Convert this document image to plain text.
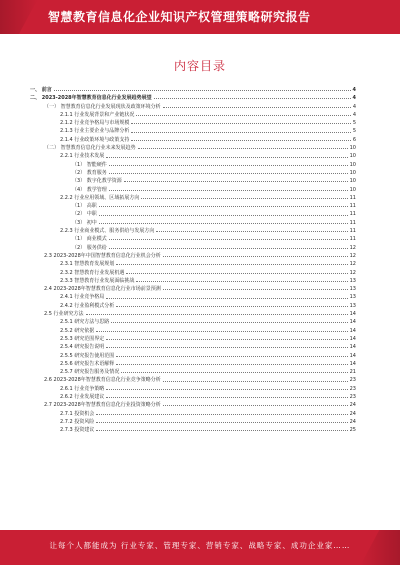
智慧教育信息化企业知识产权管理策略研究报告
内容目录
一、 前言	4
二、 2023-2028年智慧教育信息化行业发展趋势展望	4
（一） 智慧教育信息化行业发展现状及政策环境分析	4
2.1.1 行业发展背景和产业链状况	4
2.1.2 行业竞争格局与市场规模	5
2.1.3 行业主要企业与品牌分析	5
2.1.4 行业政策环境与政策支持	6
（二） 智慧教育信息化行业未来发展趋势	10
2.2.1 行业技术发展	10
（1） 智能硬件	10
（2） 教育服务	10
（3） 数字化教学资源	10
（4） 教学管理	10
2.2.2 行业应用领域、区域拓展方向	11
（1） 高职	11
（2） 中职	11
（3） 初中	11
2.2.3 行业商业模式、服务供给与发展方向	11
（1） 商业模式	11
（2） 服务供给	12
2.3 2023-2028年中国智慧教育信息化行业机会分析	12
2.3.1 智慧教育发展规划	12
2.3.2 智慧教育行业发展机遇	12
2.3.3 智慧教育行业发展面临挑战	13
2.4 2023-2028年智慧教育信息化行业市场前景预测	13
2.4.1 行业竞争格局	13
2.4.2 行业盈利模式分析	13
2.5 行业研究方法	14
2.5.1 研究方法与思路	14
2.5.2 研究依据	14
2.5.3 研究范围界定	14
2.5.4 研究报告说明	14
2.5.5 研究报告使用范围	14
2.5.6 研究报告术语解释	14
2.5.7 研究报告服务及情况	21
2.6 2023-2028年智慧教育信息化行业竞争策略分析	23
2.6.1 行业竞争策略	23
2.6.2 行业发展建议	23
2.7 2023-2028年智慧教育信息化行业投资策略分析	24
2.7.1 投资机会	24
2.7.2 投资风险	24
2.7.3 投资建议	25
让每个人都能成为 行业专家、管理专家、营销专家、战略专家、成功企业家……
